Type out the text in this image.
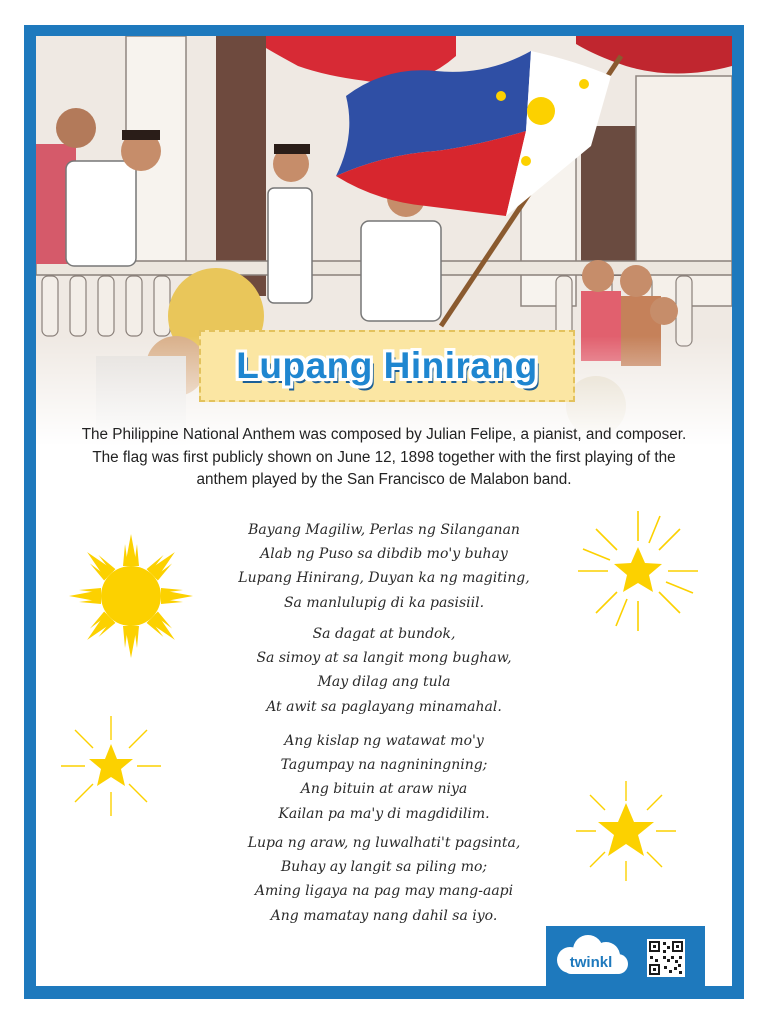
Lupang Hinirang

The Philippine National Anthem was composed by Julian Felipe, a pianist, and composer. The flag was first publicly shown on June 12, 1898 together with the first playing of the anthem played by the San Francisco de Malabon band.

Bayang Magiliw, Perlas ng Silanganan
Alab ng Puso sa dibdib mo'y buhay
Lupang Hinirang, Duyan ka ng magiting,
Sa manlulupig di ka pasisiil.
Sa dagat at bundok,
Sa simoy at sa langit mong bughaw,
May dilag ang tula
At awit sa paglayang minamahal.
Ang kislap ng watawat mo'y
Tagumpay na nagniningning;
Ang bituin at araw niya
Kailan pa ma'y di magdidilim.
Lupa ng araw, ng luwalhati't pagsinta,
Buhay ay langit sa piling mo;
Aming ligaya na pag may mang-aapi
Ang mamatay nang dahil sa iyo.
twinkl
